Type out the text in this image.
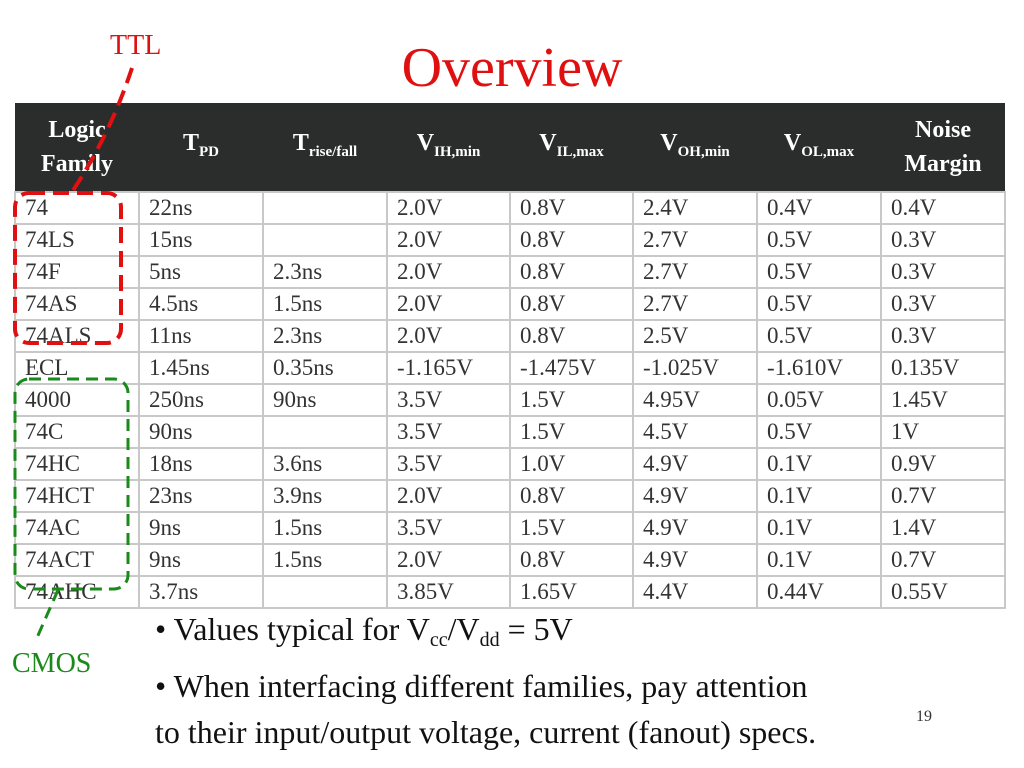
Overview
TTL
CMOS
Logic
Family	$T_{PD}$	$T_{rise/fall}$	$V_{IH,min}$	$V_{IL,max}$	$V_{OH,min}$	$V_{OL,max}$	Noise
Margin
74	22ns		2.0V	0.8V	2.4V	0.4V	0.4V
74LS	15ns		2.0V	0.8V	2.7V	0.5V	0.3V
74F	5ns	2.3ns	2.0V	0.8V	2.7V	0.5V	0.3V
74AS	4.5ns	1.5ns	2.0V	0.8V	2.7V	0.5V	0.3V
74ALS	11ns	2.3ns	2.0V	0.8V	2.5V	0.5V	0.3V
ECL	1.45ns	0.35ns	-1.165V	-1.475V	-1.025V	-1.610V	0.135V
4000	250ns	90ns	3.5V	1.5V	4.95V	0.05V	1.45V
74C	90ns		3.5V	1.5V	4.5V	0.5V	1V
74HC	18ns	3.6ns	3.5V	1.0V	4.9V	0.1V	0.9V
74HCT	23ns	3.9ns	2.0V	0.8V	4.9V	0.1V	0.7V
74AC	9ns	1.5ns	3.5V	1.5V	4.9V	0.1V	1.4V
74ACT	9ns	1.5ns	2.0V	0.8V	4.9V	0.1V	0.7V
74AHC	3.7ns		3.85V	1.65V	4.4V	0.44V	0.55V
• Values typical for $V_{cc}/V_{dd} = 5V$
• When interfacing different families, pay attention
to their input/output voltage, current (fanout) specs.	19
